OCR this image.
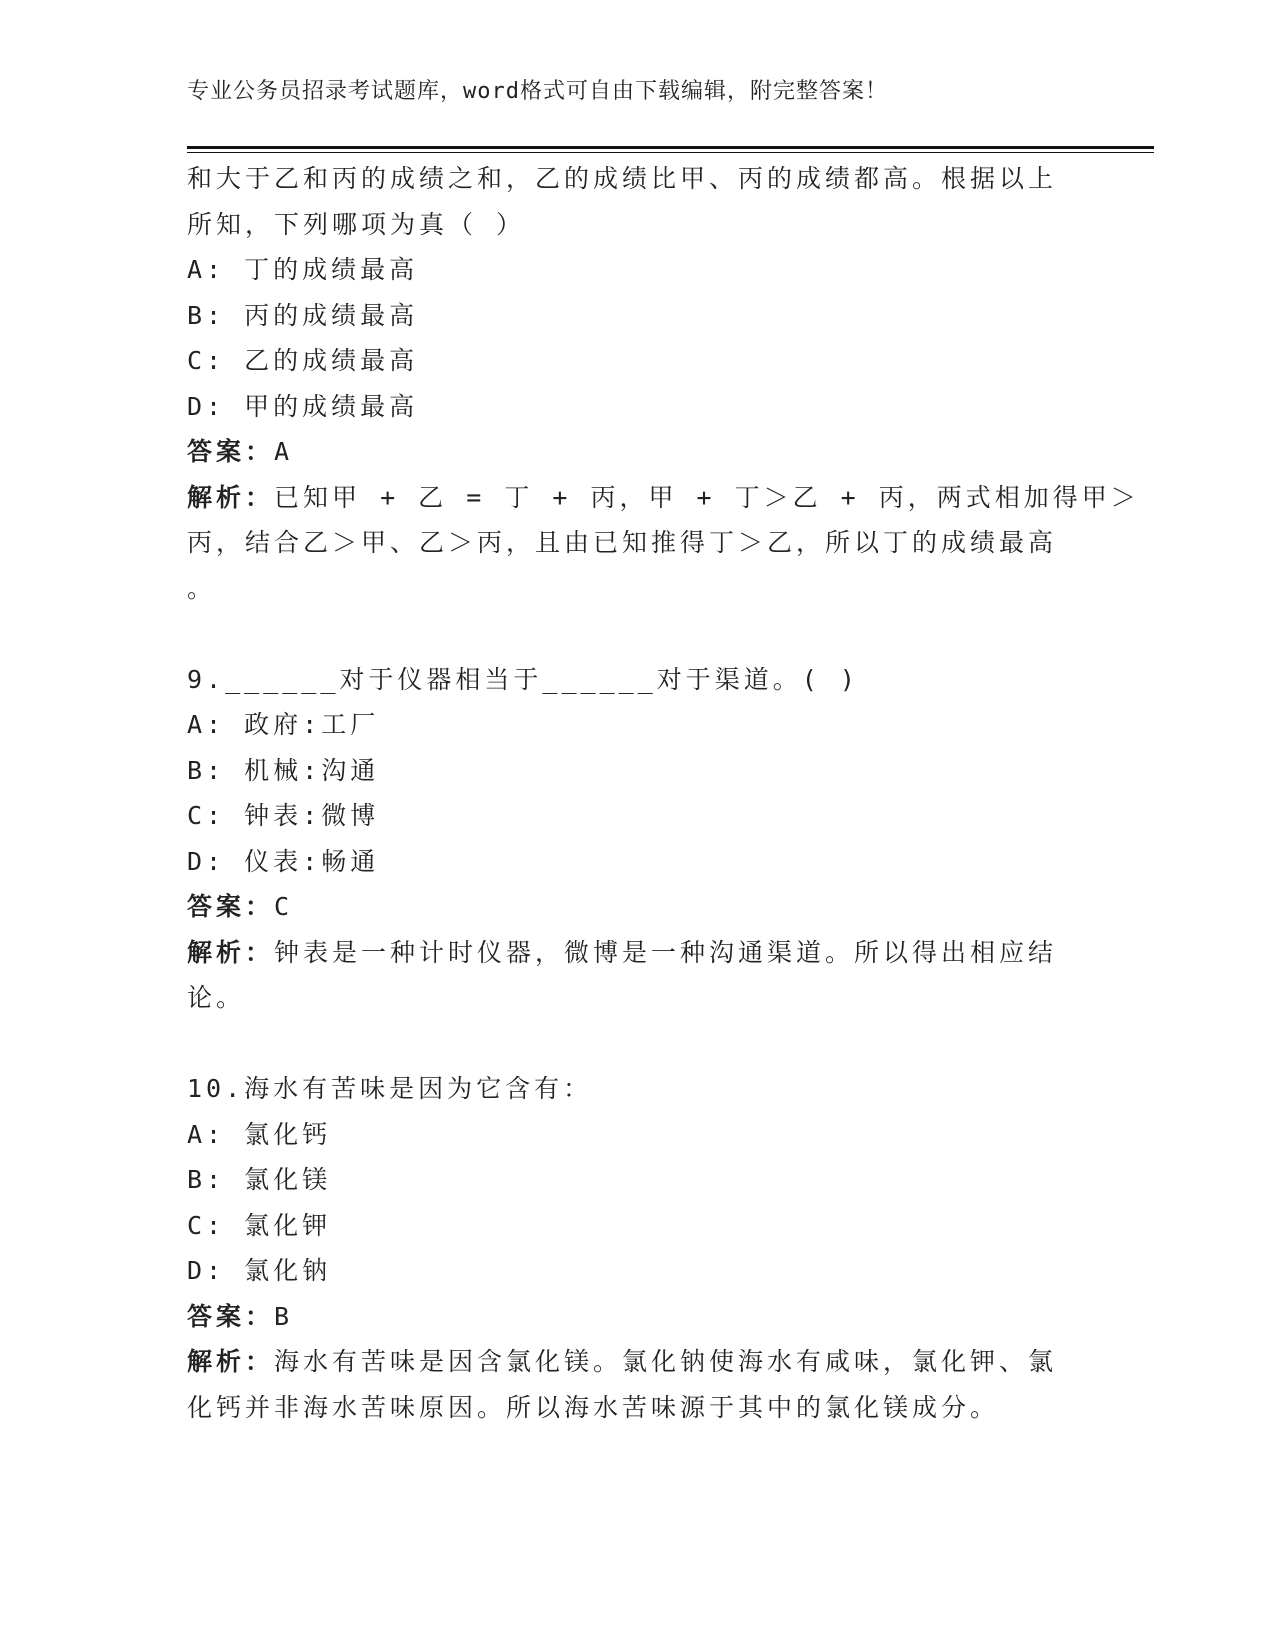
专业公务员招录考试题库，word格式可自由下载编辑，附完整答案！
和大于乙和丙的成绩之和，乙的成绩比甲、丙的成绩都高。根据以上
所知，下列哪项为真（ ）
A: 丁的成绩最高
B: 丙的成绩最高
C: 乙的成绩最高
D: 甲的成绩最高
答案：A
解析：已知甲 + 乙 = 丁 + 丙，甲 + 丁＞乙 + 丙，两式相加得甲＞
丙，结合乙＞甲、乙＞丙，且由已知推得丁＞乙，所以丁的成绩最高
。
9.______对于仪器相当于______对于渠道。( )
A: 政府:工厂
B: 机械:沟通
C: 钟表:微博
D: 仪表:畅通
答案：C
解析：钟表是一种计时仪器，微博是一种沟通渠道。所以得出相应结
论。
10.海水有苦味是因为它含有：
A: 氯化钙
B: 氯化镁
C: 氯化钾
D: 氯化钠
答案：B
解析：海水有苦味是因含氯化镁。氯化钠使海水有咸味，氯化钾、氯
化钙并非海水苦味原因。所以海水苦味源于其中的氯化镁成分。
